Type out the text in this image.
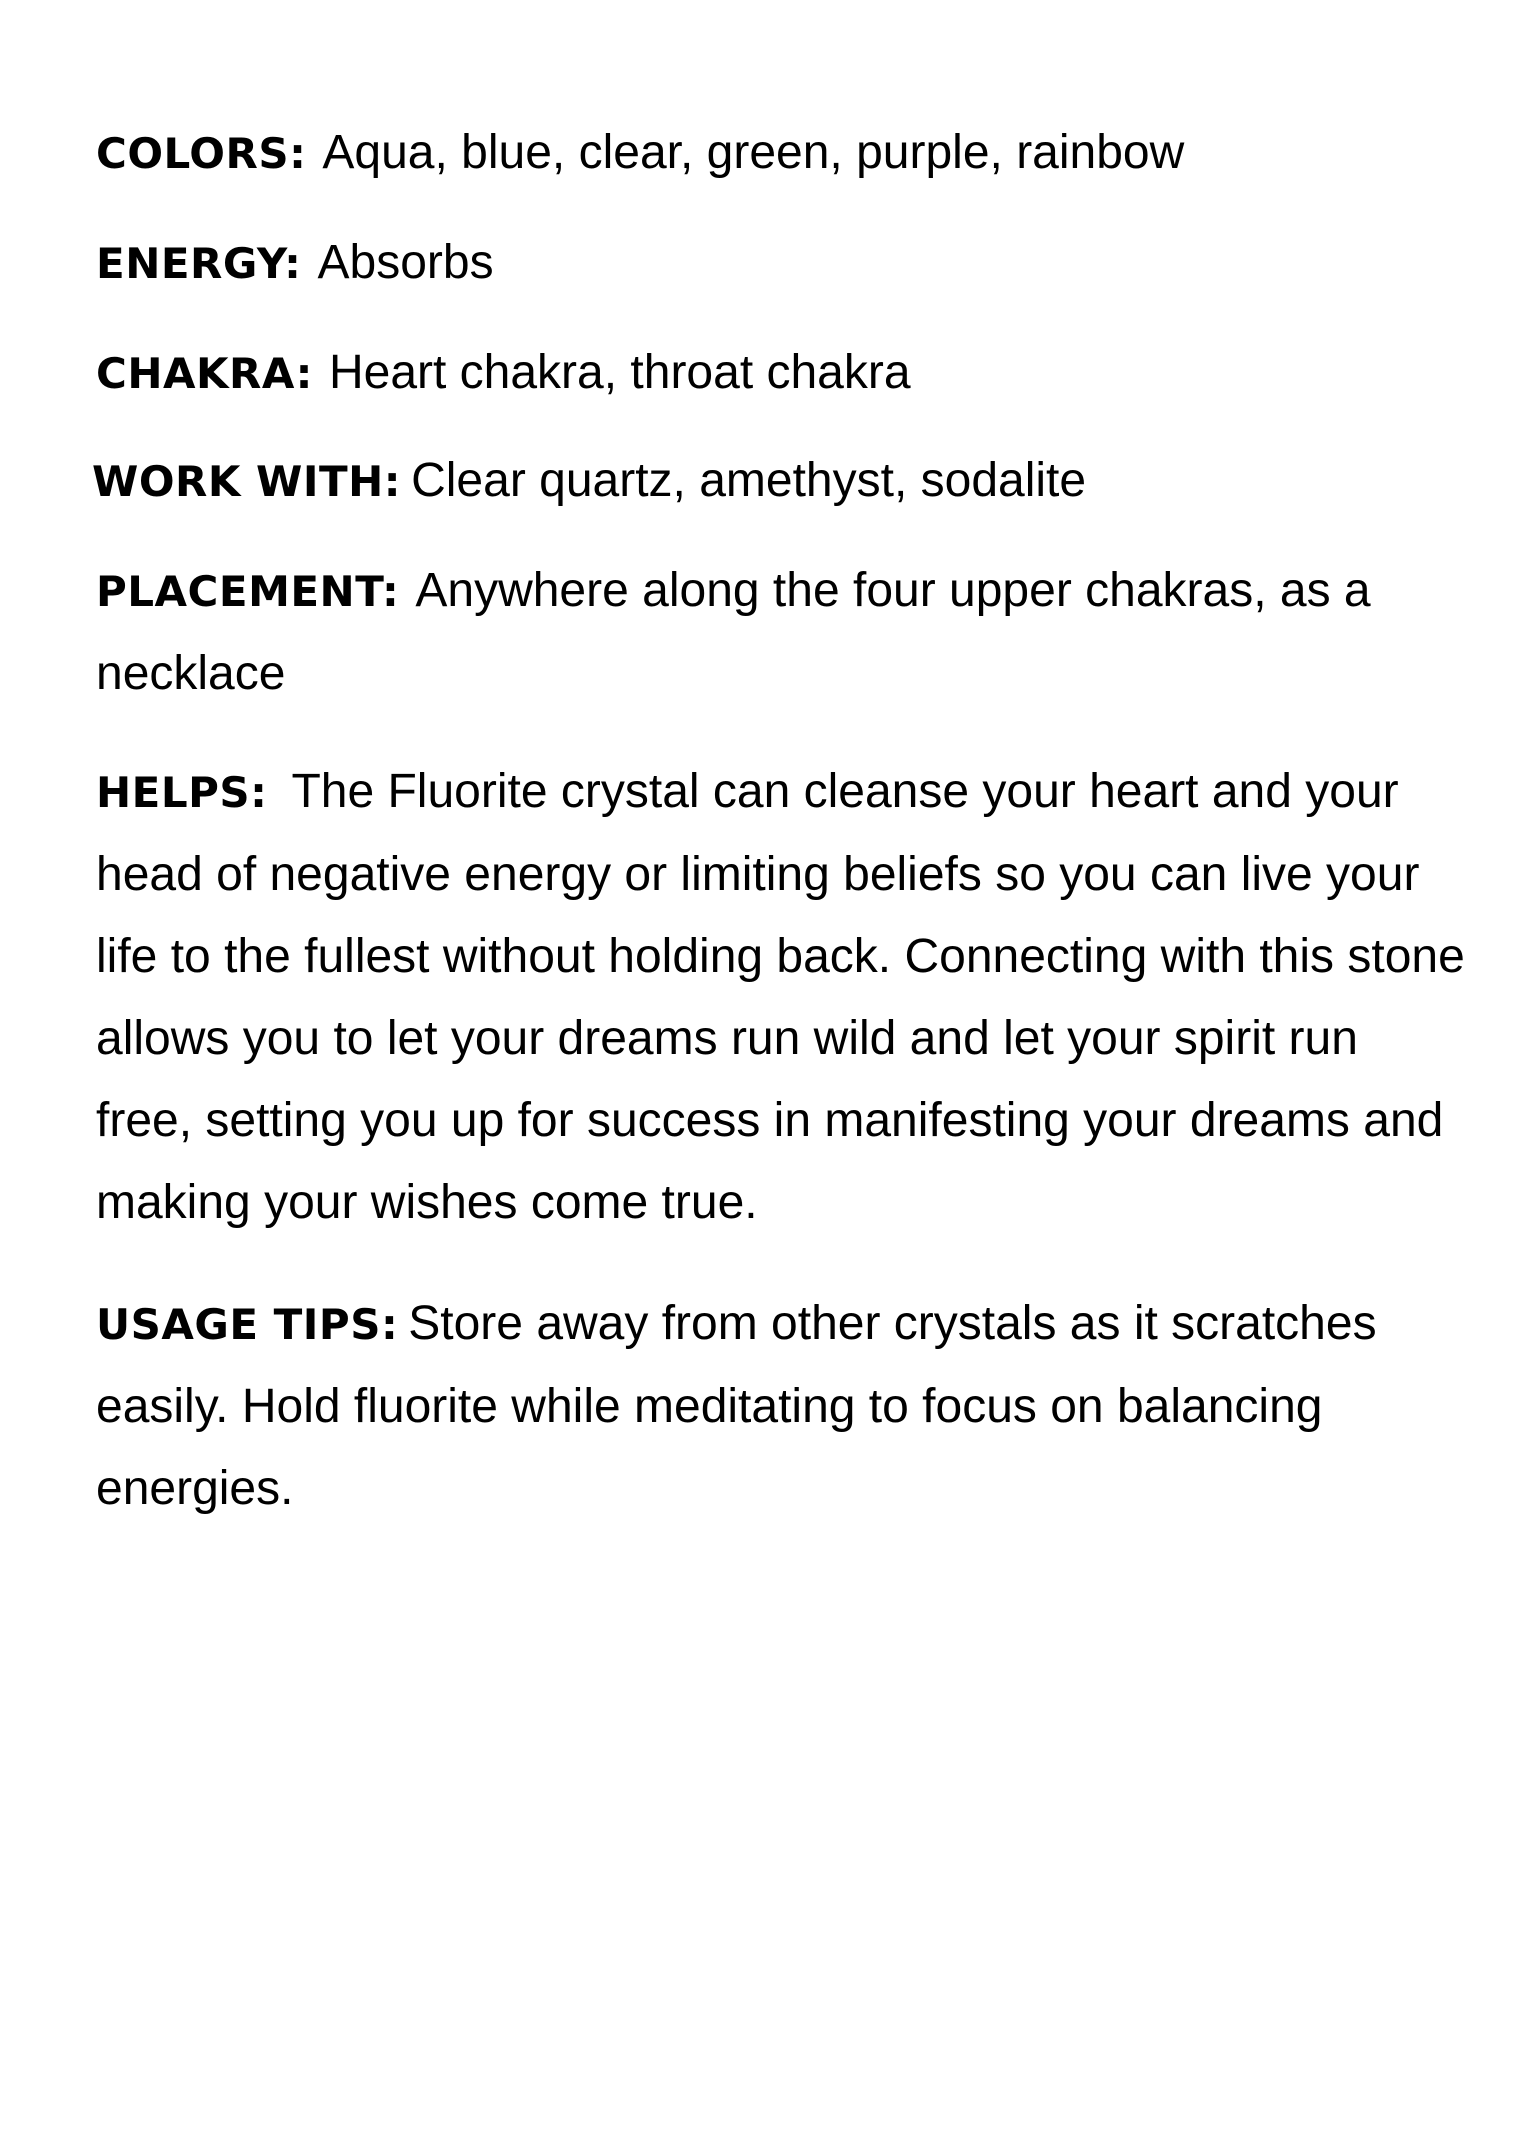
COLORS: Aqua, blue, clear, green, purple, rainbow
ENERGY: Absorbs
CHAKRA: Heart chakra, throat chakra
WORK WITH: Clear quartz, amethyst, sodalite
PLACEMENT: Anywhere along the four upper chakras, as a necklace
HELPS: The Fluorite crystal can cleanse your heart and your head of negative energy or limiting beliefs so you can live your life to the fullest without holding back. Connecting with this stone allows you to let your dreams run wild and let your spirit run free, setting you up for success in manifesting your dreams and making your wishes come true.
USAGE TIPS: Store away from other crystals as it scratches easily. Hold fluorite while meditating to focus on balancing energies.
